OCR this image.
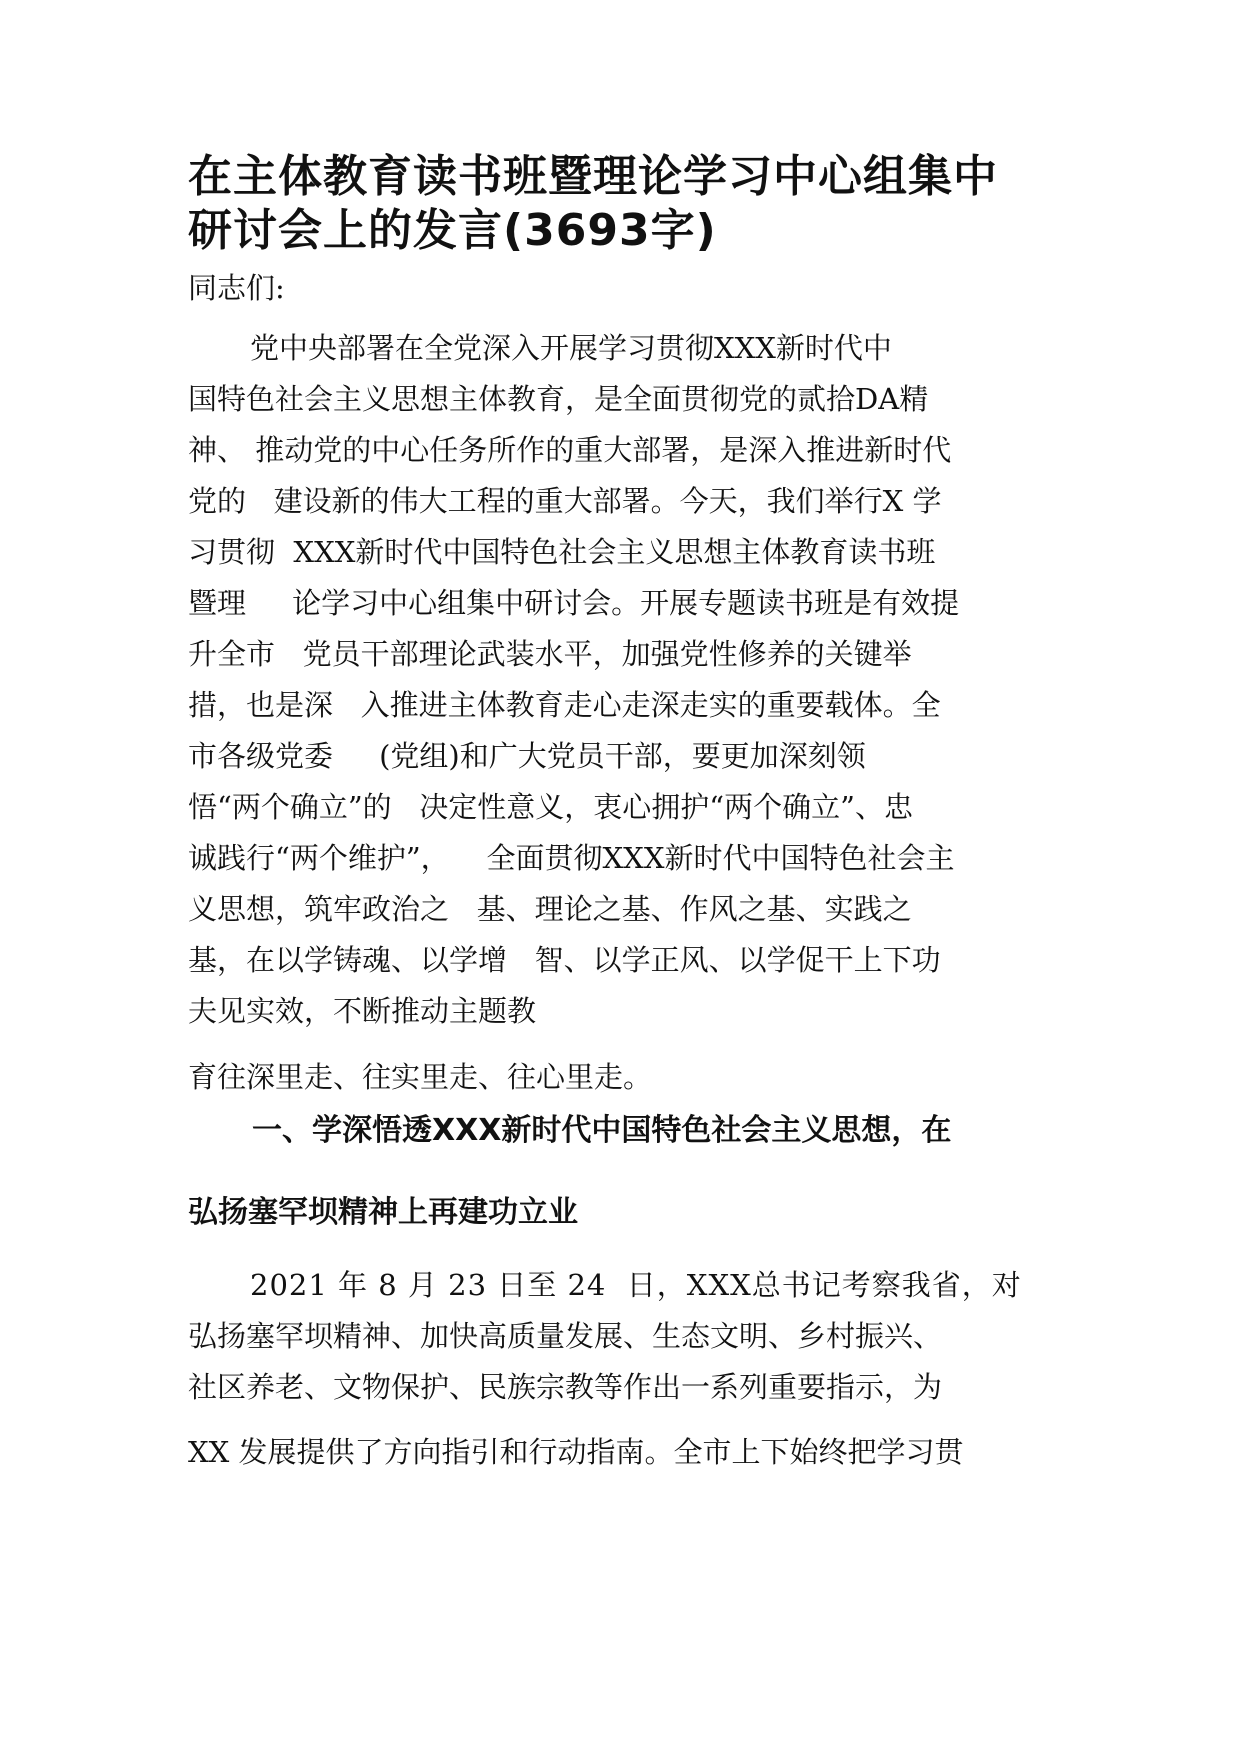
在主体教育读书班暨理论学习中心组集中
研讨会上的发言(3693字)
同志们:
党中央部署在全党深入开展学习贯彻XXX新时代中
国特色社会主义思想主体教育，是全面贯彻党的贰拾DA精
神、 推动党的中心任务所作的重大部署，是深入推进新时代
党的   建设新的伟大工程的重大部署。今天，我们举行X 学
习贯彻  XXX新时代中国特色社会主义思想主体教育读书班
暨理     论学习中心组集中研讨会。开展专题读书班是有效提
升全市   党员干部理论武装水平，加强党性修养的关键举
措，也是深   入推进主体教育走心走深走实的重要载体。全
市各级党委     (党组)和广大党员干部，要更加深刻领
悟“两个确立”的   决定性意义，衷心拥护“两个确立”、忠
诚践行“两个维护”，    全面贯彻XXX新时代中国特色社会主
义思想，筑牢政治之   基、理论之基、作风之基、实践之
基，在以学铸魂、以学增   智、以学正风、以学促干上下功
夫见实效，不断推动主题教
育往深里走、往实里走、往心里走。
一、学深悟透XXX新时代中国特色社会主义思想，在
弘扬塞罕坝精神上再建功立业
2021 年 8 月 23 日至 24  日，XXX总书记考察我省，对
弘扬塞罕坝精神、加快高质量发展、生态文明、乡村振兴、
社区养老、文物保护、民族宗教等作出一系列重要指示，为
XX 发展提供了方向指引和行动指南。全市上下始终把学习贯
